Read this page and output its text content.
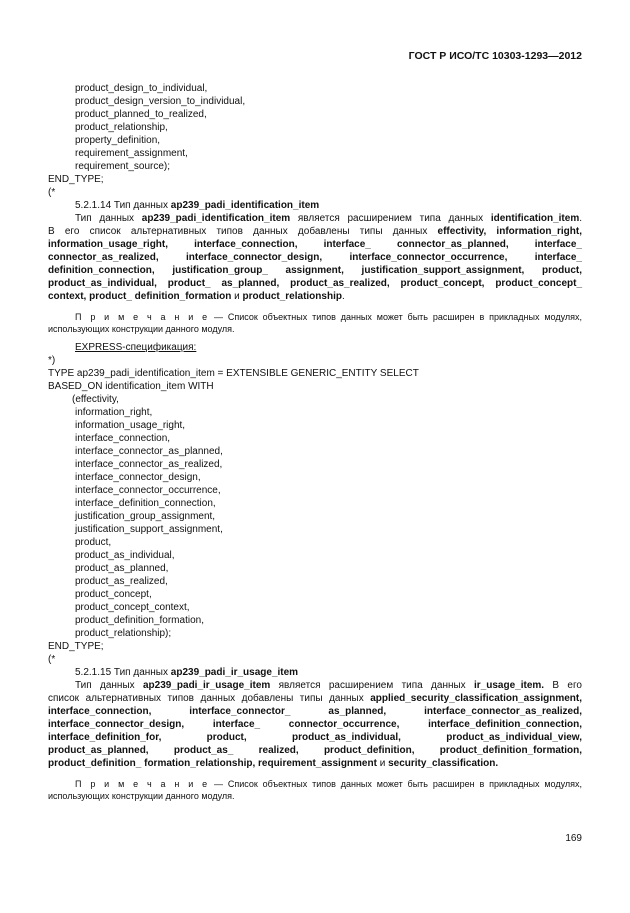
ГОСТ Р ИСО/ТС 10303-1293—2012
product_design_to_individual,
product_design_version_to_individual,
product_planned_to_realized,
product_relationship,
property_definition,
requirement_assignment,
requirement_source);
END_TYPE;
(*
5.2.1.14 Тип данных ap239_padi_identification_item
Тип данных ap239_padi_identification_item является расширением типа данных identification_item.
В его список альтернативных типов данных добавлены типы данных effectivity, information_right,
information_usage_right, interface_connection, interface_ connector_as_planned, interface_
connector_as_realized, interface_connector_design, interface_connector_occurrence, interface_
definition_connection, justification_group_ assignment, justification_support_assignment, product,
product_as_individual, product_ as_planned, product_as_realized, product_concept, product_concept_
context, product_ definition_formation и product_relationship.
П р и м е ч а н и е — Список объектных типов данных может быть расширен в прикладных модулях,
использующих конструкции данного модуля.
EXPRESS-спецификация:
*)
TYPE ap239_padi_identification_item = EXTENSIBLE GENERIC_ENTITY SELECT
BASED_ON identification_item WITH
(effectivity,
information_right,
information_usage_right,
interface_connection,
interface_connector_as_planned,
interface_connector_as_realized,
interface_connector_design,
interface_connector_occurrence,
interface_definition_connection,
justification_group_assignment,
justification_support_assignment,
product,
product_as_individual,
product_as_planned,
product_as_realized,
product_concept,
product_concept_context,
product_definition_formation,
product_relationship);
END_TYPE;
(*
5.2.1.15 Тип данных ap239_padi_ir_usage_item
Тип данных ap239_padi_ir_usage_item является расширением типа данных ir_usage_item. В его
список альтернативных типов данных добавлены типы данных applied_security_classification_assignment,
interface_connection, interface_connector_ as_planned, interface_connector_as_realized,
interface_connector_design, interface_ connector_occurrence, interface_definition_connection,
interface_definition_for, product, product_as_individual, product_as_individual_view,
product_as_planned, product_as_ realized, product_definition, product_definition_formation,
product_definition_ formation_relationship, requirement_assignment и security_classification.
П р и м е ч а н и е — Список объектных типов данных может быть расширен в прикладных модулях,
использующих конструкции данного модуля.
169
